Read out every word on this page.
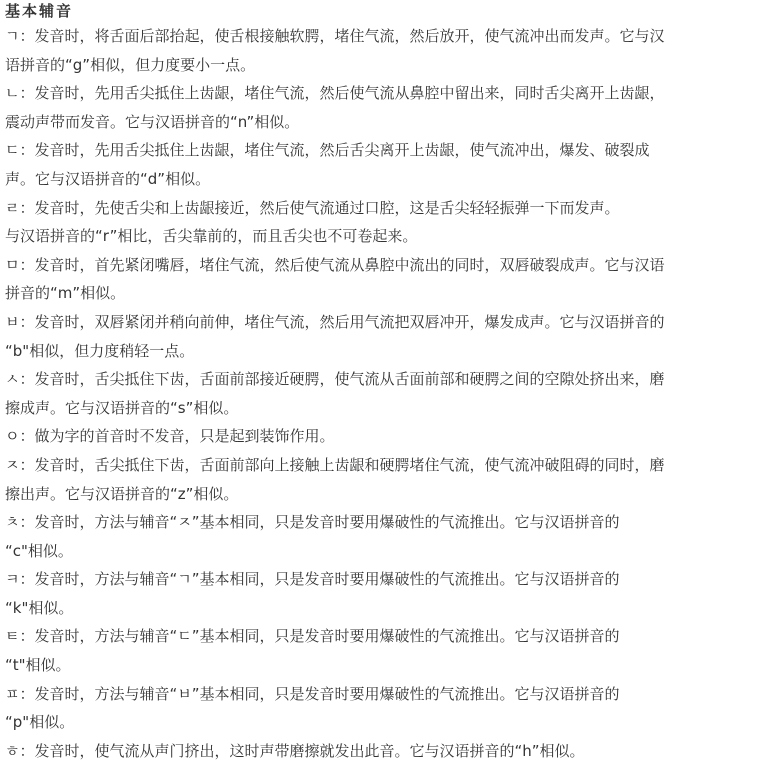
基本辅音

ㄱ：发音时，将舌面后部抬起，使舌根接触软腭，堵住气流，然后放开，使气流冲出而发声。它与汉
语拼音的“g”相似，但力度要小一点。

ㄴ：发音时，先用舌尖抵住上齿龈，堵住气流，然后使气流从鼻腔中留出来，同时舌尖离开上齿龈，
震动声带而发音。它与汉语拼音的“n”相似。

ㄷ：发音时，先用舌尖抵住上齿龈，堵住气流，然后舌尖离开上齿龈，使气流冲出，爆发、破裂成
声。它与汉语拼音的“d”相似。

ㄹ：发音时，先使舌尖和上齿龈接近，然后使气流通过口腔，这是舌尖轻轻振弹一下而发声。
与汉语拼音的“r”相比，舌尖靠前的，而且舌尖也不可卷起来。

ㅁ：发音时，首先紧闭嘴唇，堵住气流，然后使气流从鼻腔中流出的同时，双唇破裂成声。它与汉语
拼音的“m”相似。

ㅂ：发音时，双唇紧闭并稍向前伸，堵住气流，然后用气流把双唇冲开，爆发成声。它与汉语拼音的
“b"相似，但力度稍轻一点。

ㅅ：发音时，舌尖抵住下齿，舌面前部接近硬腭，使气流从舌面前部和硬腭之间的空隙处挤出来，磨
擦成声。它与汉语拼音的“s”相似。

ㅇ：做为字的首音时不发音，只是起到装饰作用。

ㅈ：发音时，舌尖抵住下齿，舌面前部向上接触上齿龈和硬腭堵住气流，使气流冲破阻碍的同时，磨
擦出声。它与汉语拼音的“z”相似。

ㅊ：发音时，方法与辅音“ㅈ”基本相同，只是发音时要用爆破性的气流推出。它与汉语拼音的
“c"相似。

ㅋ：发音时，方法与辅音“ㄱ”基本相同，只是发音时要用爆破性的气流推出。它与汉语拼音的
“k"相似。

ㅌ：发音时，方法与辅音“ㄷ”基本相同，只是发音时要用爆破性的气流推出。它与汉语拼音的
“t"相似。

ㅍ：发音时，方法与辅音“ㅂ”基本相同，只是发音时要用爆破性的气流推出。它与汉语拼音的
“p"相似。

ㅎ：发音时，使气流从声门挤出，这时声带磨擦就发出此音。它与汉语拼音的“h”相似。
